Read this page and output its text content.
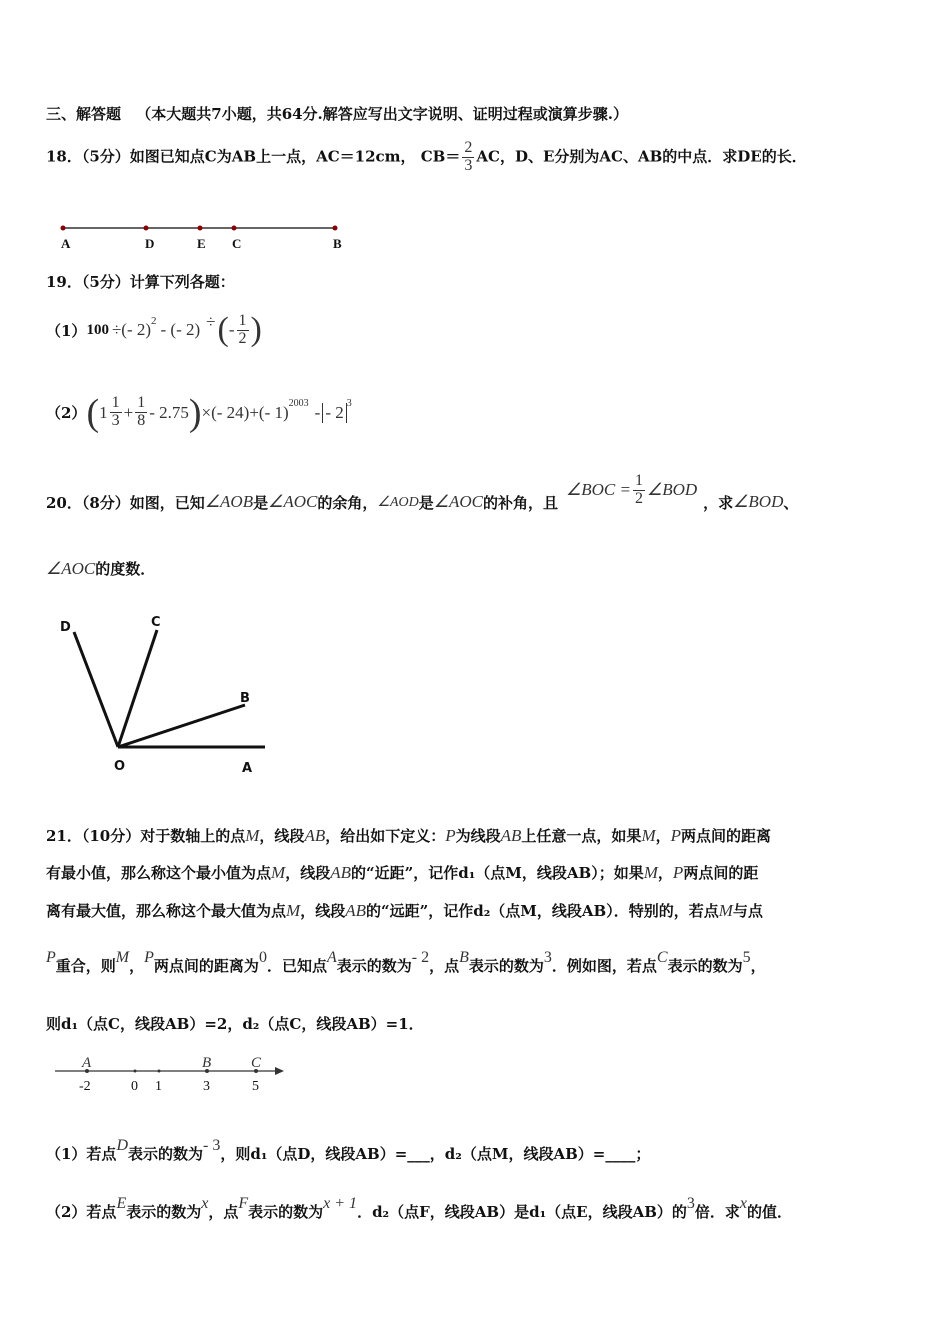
三、解答题 （本大题共7小题，共64分.解答应写出文字说明、证明过程或演算步骤.）
18．（5分）如图已知点C为AB上一点，AC＝12cm， $CB= \frac{2}{3}$ AC，D、E分别为AC、AB的中点．求DE的长．
A	D	E C	B
19．（5分）计算下列各题：
（1） 100 ÷ (- 2) 2 - (- 2) ÷ ( - $\frac{1}{2}$ )
（2） ( $1 \frac{1}{3} + \frac{1}{8} - 2.75$ ) ×(- 24)+(- 1) 2003 - - 2 3
20．（8分）如图，已知 ∠AOB 是 ∠AOC 的余角， ∠AOD 是 ∠AOC 的补角，且
∠BOC = $\frac{1}{2}$ ∠BOD
，求 ∠BOD 、
∠AOC的度数．
D	C
B
O	A
21．（10分）对于数轴上的点M，线段AB，给出如下定义：P为线段AB上任意一点，如果M，P两点间的距离
有最小值，那么称这个最小值为点M，线段AB的“近距”，记作d₁（点M，线段AB）；如果M，P两点间的距
离有最大值，那么称这个最大值为点M，线段AB的“远距”，记作d₂（点M，线段AB）．特别的，若点M与点
P重合，则M，P两点间的距离为0．已知点A表示的数为- 2，点B表示的数为3．例如图，若点C表示的数为5，
则d₁（点C，线段AB）=2，d₂（点C，线段AB）=1．
A	B	C
-2	0 1	3	5
（1）若点D表示的数为- 3，则d₁（点D，线段AB）=___，d₂（点M，线段AB）=____；
（2）若点E表示的数为x，点F表示的数为x + 1．d₂（点F，线段AB）是d₁（点E，线段AB）的3倍．求x的值．
